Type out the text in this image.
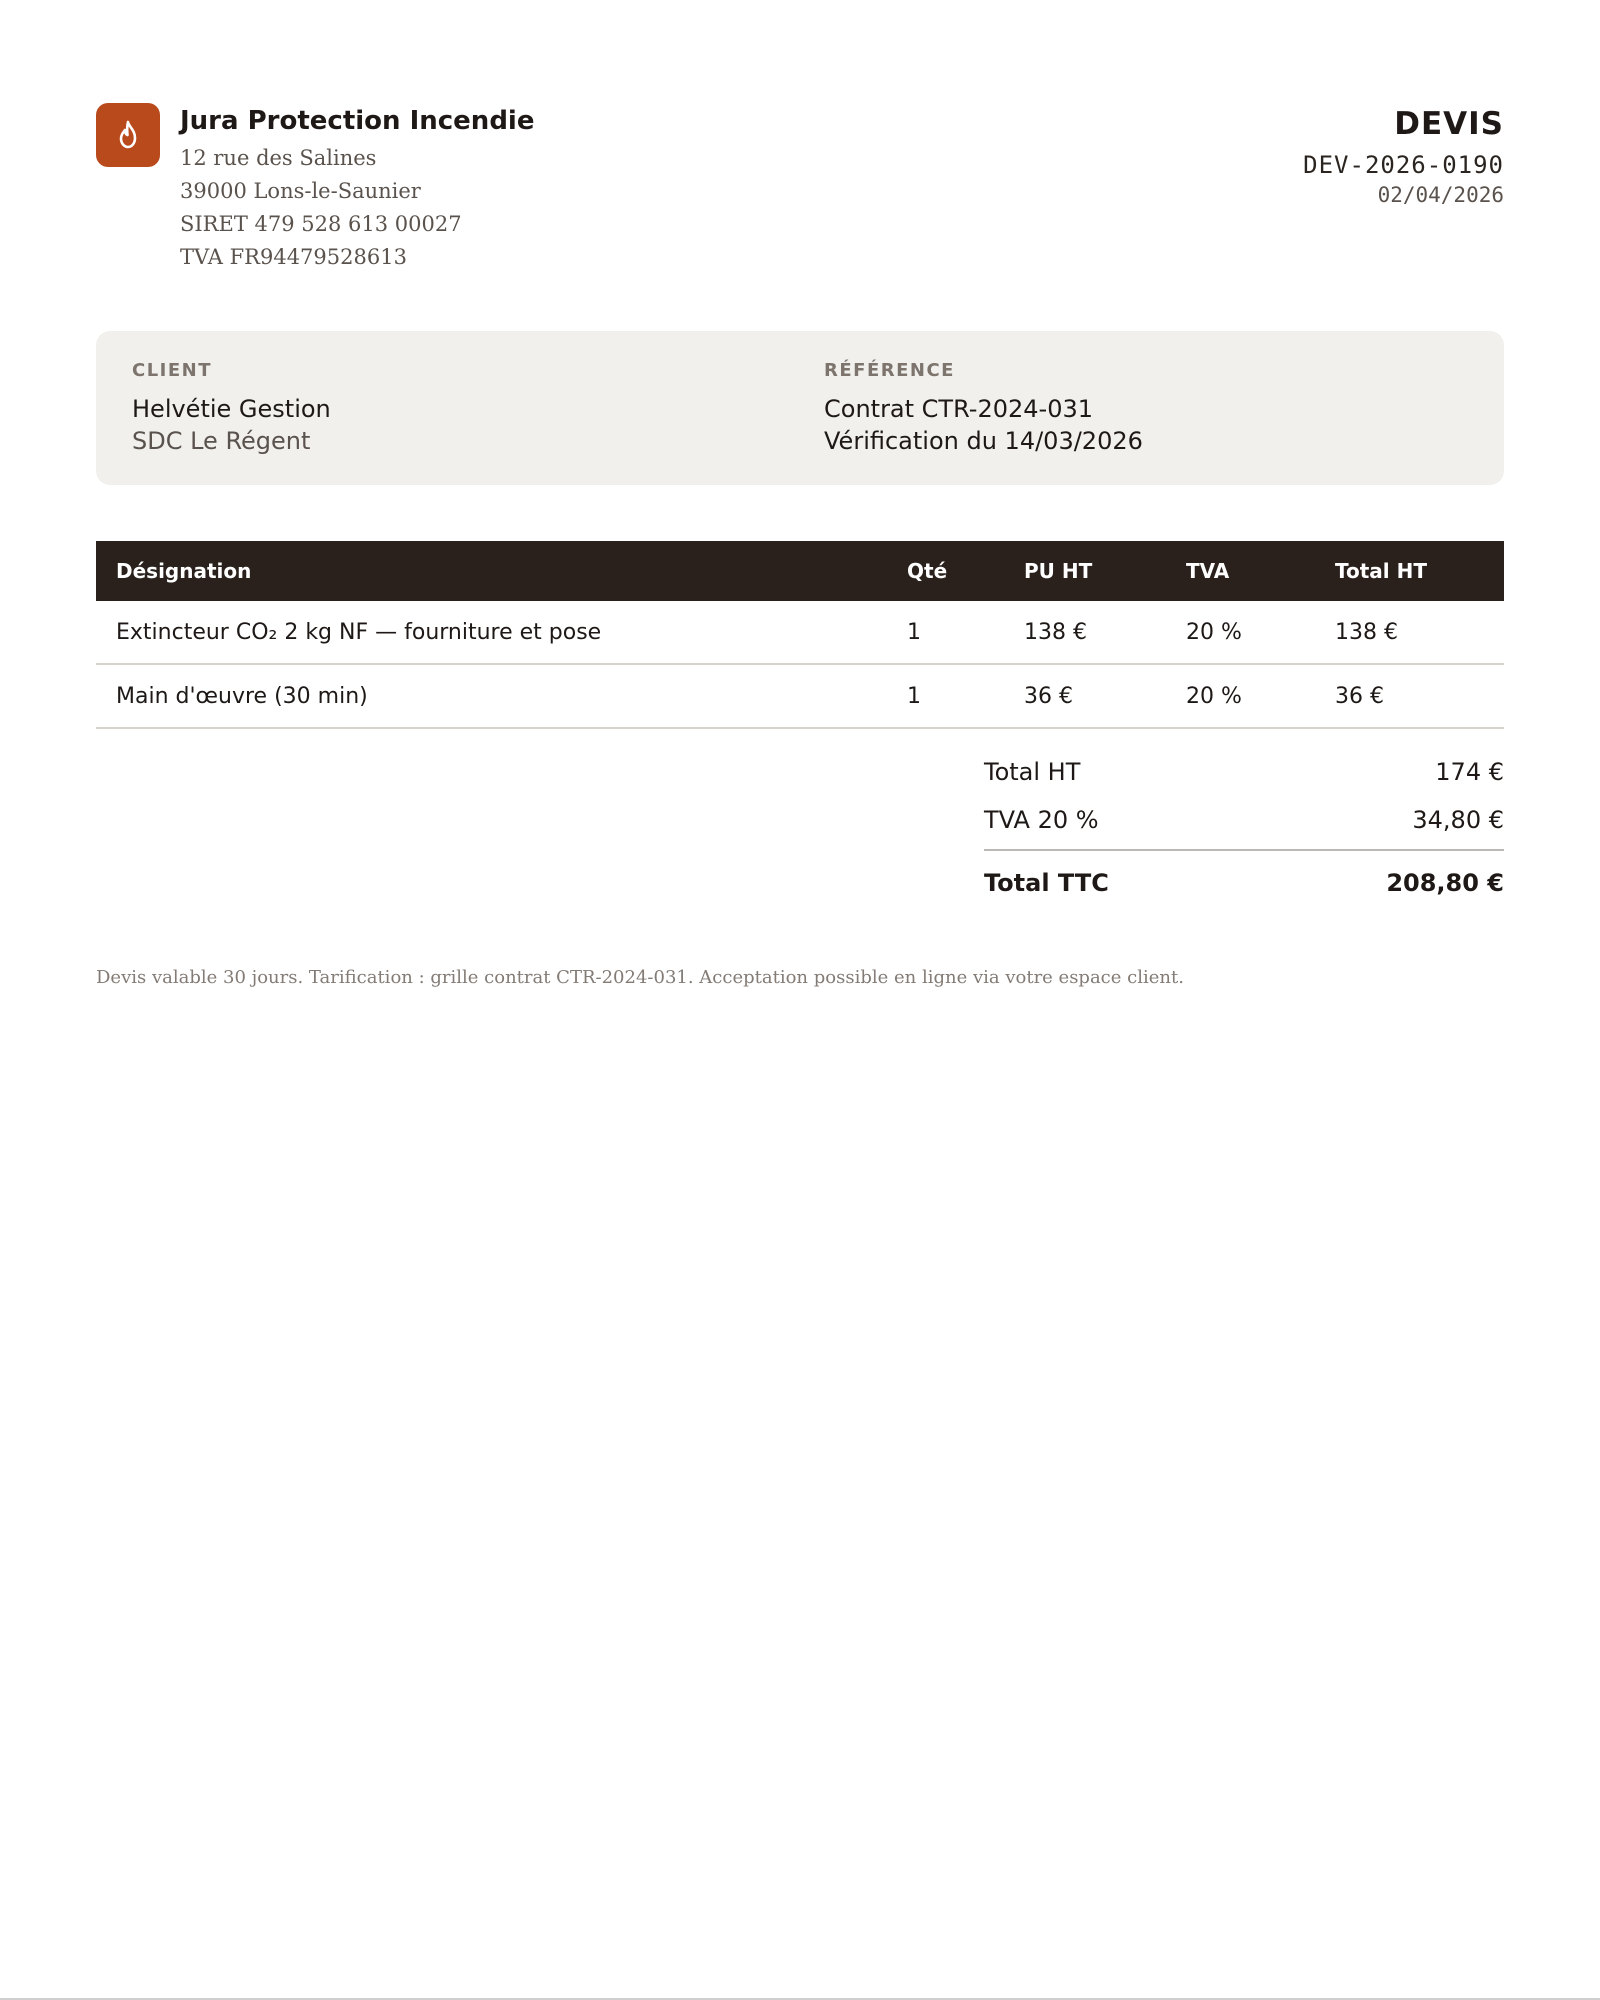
Jura Protection Incendie
12 rue des Salines
39000 Lons-le-Saunier
SIRET 479 528 613 00027
TVA FR94479528613
DEVIS
DEV-2026-0190
02/04/2026
CLIENT
Helvétie Gestion
SDC Le Régent
RÉFÉRENCE
Contrat CTR-2024-031
Vérification du 14/03/2026
Désignation	Qté	PU HT	TVA	Total HT
Extincteur CO₂ 2 kg NF — fourniture et pose	1	138 €	20 %	138 €
Main d'œuvre (30 min)	1	36 €	20 %	36 €
Total HT	174 €
TVA 20 %	34,80 €
Total TTC	208,80 €
Devis valable 30 jours. Tarification : grille contrat CTR-2024-031. Acceptation possible en ligne via votre espace client.
